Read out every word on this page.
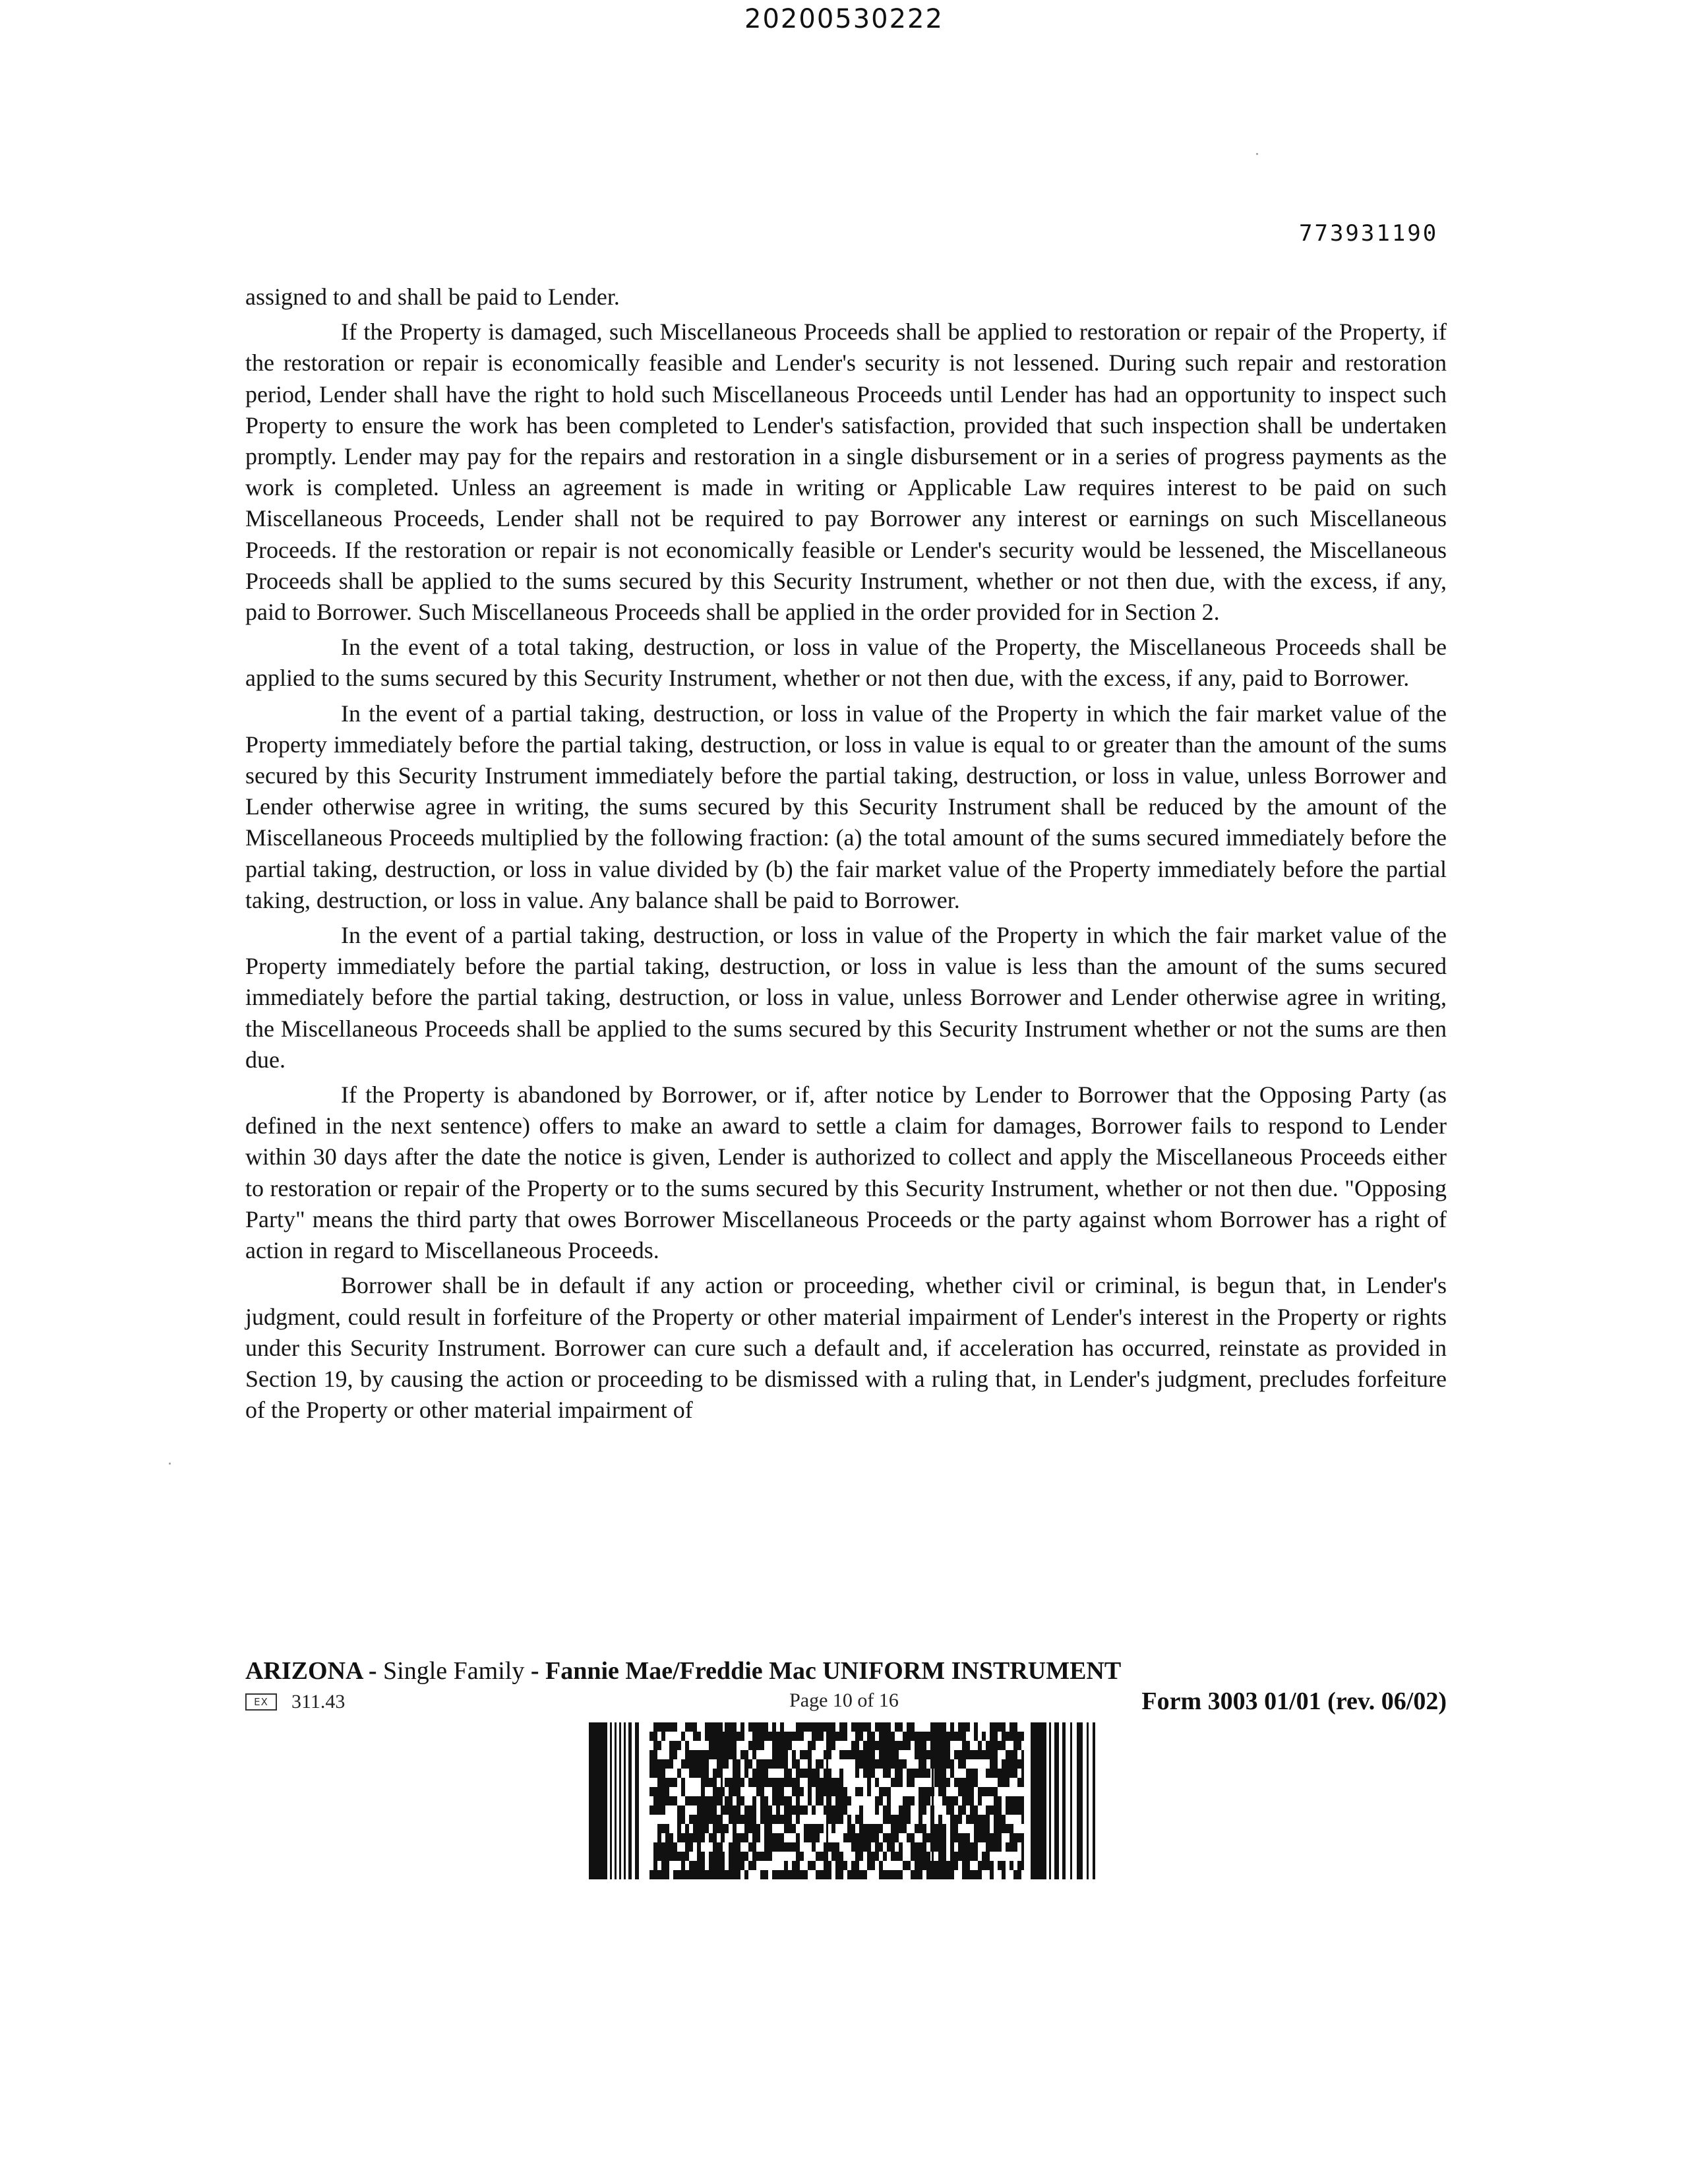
20200530222
773931190

assigned to and shall be paid to Lender.

If the Property is damaged, such Miscellaneous Proceeds shall be applied to restoration or repair of the Property, if the restoration or repair is economically feasible and Lender's security is not lessened. During such repair and restoration period, Lender shall have the right to hold such Miscellaneous Proceeds until Lender has had an opportunity to inspect such Property to ensure the work has been completed to Lender's satisfaction, provided that such inspection shall be undertaken promptly. Lender may pay for the repairs and restoration in a single disbursement or in a series of progress payments as the work is completed. Unless an agreement is made in writing or Applicable Law requires interest to be paid on such Miscellaneous Proceeds, Lender shall not be required to pay Borrower any interest or earnings on such Miscellaneous Proceeds. If the restoration or repair is not economically feasible or Lender's security would be lessened, the Miscellaneous Proceeds shall be applied to the sums secured by this Security Instrument, whether or not then due, with the excess, if any, paid to Borrower. Such Miscellaneous Proceeds shall be applied in the order provided for in Section 2.

In the event of a total taking, destruction, or loss in value of the Property, the Miscellaneous Proceeds shall be applied to the sums secured by this Security Instrument, whether or not then due, with the excess, if any, paid to Borrower.

In the event of a partial taking, destruction, or loss in value of the Property in which the fair market value of the Property immediately before the partial taking, destruction, or loss in value is equal to or greater than the amount of the sums secured by this Security Instrument immediately before the partial taking, destruction, or loss in value, unless Borrower and Lender otherwise agree in writing, the sums secured by this Security Instrument shall be reduced by the amount of the Miscellaneous Proceeds multiplied by the following fraction: (a) the total amount of the sums secured immediately before the partial taking, destruction, or loss in value divided by (b) the fair market value of the Property immediately before the partial taking, destruction, or loss in value. Any balance shall be paid to Borrower.

In the event of a partial taking, destruction, or loss in value of the Property in which the fair market value of the Property immediately before the partial taking, destruction, or loss in value is less than the amount of the sums secured immediately before the partial taking, destruction, or loss in value, unless Borrower and Lender otherwise agree in writing, the Miscellaneous Proceeds shall be applied to the sums secured by this Security Instrument whether or not the sums are then due.

If the Property is abandoned by Borrower, or if, after notice by Lender to Borrower that the Opposing Party (as defined in the next sentence) offers to make an award to settle a claim for damages, Borrower fails to respond to Lender within 30 days after the date the notice is given, Lender is authorized to collect and apply the Miscellaneous Proceeds either to restoration or repair of the Property or to the sums secured by this Security Instrument, whether or not then due. "Opposing Party" means the third party that owes Borrower Miscellaneous Proceeds or the party against whom Borrower has a right of action in regard to Miscellaneous Proceeds.

Borrower shall be in default if any action or proceeding, whether civil or criminal, is begun that, in Lender's judgment, could result in forfeiture of the Property or other material impairment of Lender's interest in the Property or rights under this Security Instrument. Borrower can cure such a default and, if acceleration has occurred, reinstate as provided in Section 19, by causing the action or proceeding to be dismissed with a ruling that, in Lender's judgment, precludes forfeiture of the Property or other material impairment of

ARIZONA - Single Family - Fannie Mae/Freddie Mac UNIFORM INSTRUMENT
EX	311.43	Page 10 of 16	Form 3003 01/01 (rev. 06/02)
